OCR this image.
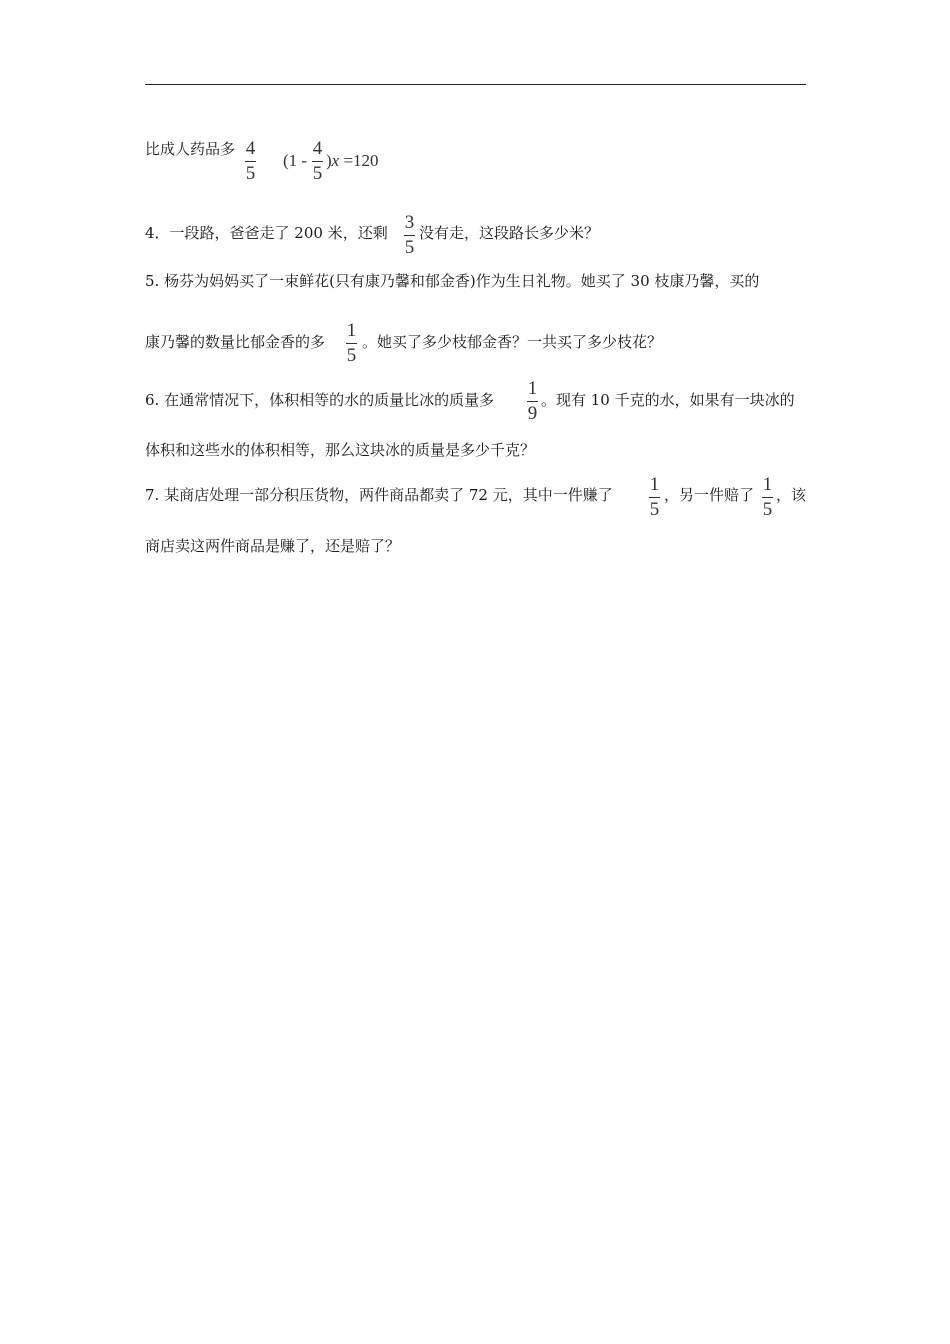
比成人药品多 4
5
(1 -
4
5
)x =120
4．一段路，爸爸走了 200 米，还剩 3
5
没有走，这段路长多少米？
5. 杨芬为妈妈买了一束鲜花(只有康乃馨和郁金香)作为生日礼物。她买了 30 枝康乃馨，买的
康乃馨的数量比郁金香的多
1
5
。她买了多少枝郁金香？一共买了多少枝花？
6. 在通常情况下，体积相等的水的质量比冰的质量多
1
9
。现有 10 千克的水，如果有一块冰的
体积和这些水的体积相等，那么这块冰的质量是多少千克？
7. 某商店处理一部分积压货物，两件商品都卖了 72 元，其中一件赚了 1
5
，另一件赔了 1
5
，该
商店卖这两件商品是赚了，还是赔了？
